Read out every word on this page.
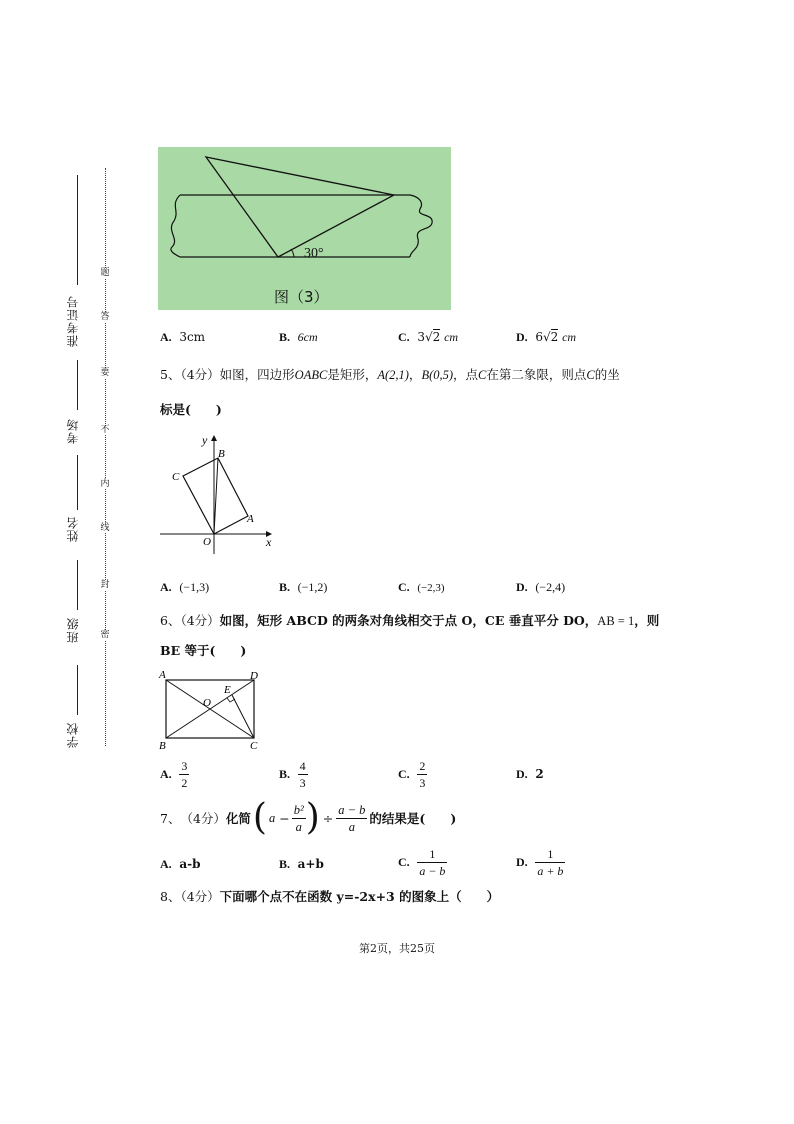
准考证号
考场
姓名
班级
学校
题
答
要
不
内
线
封
密
30°
图（3）
A. 3cm	B. 6cm	C. 3√2 cm	D. 6√2 cm
5、（4分）如图，四边形OABC是矩形，A(2,1)，B(0,5)，点C在第二象限，则点C的坐
标是(　　)
y
x
B
C
A
O
A. (−1,3)	B. (−1,2)	C. (−2,3)	D. (−2,4)
6、（4分）如图，矩形 ABCD 的两条对角线相交于点 O，CE 垂直平分 DO，AB = 1，则
BE 等于(　　)
A	D
B	C
O
E
A. $\frac{3}{2}$	B. $\frac{4}{3}$	C. $\frac{2}{3}$	D. 2
7、 （4分） 化简 ( $a - \frac{\text{b²}}{a}$ ) ÷ $\frac{a - b}{a}$ 的结果是(　　)
A. a-b	B. a+b	C. $\frac{1}{a - b}$	D. $\frac{1}{a + b}$
8、（4分）下面哪个点不在函数 y=-2x+3 的图象上（　　）
第2页，共25页
